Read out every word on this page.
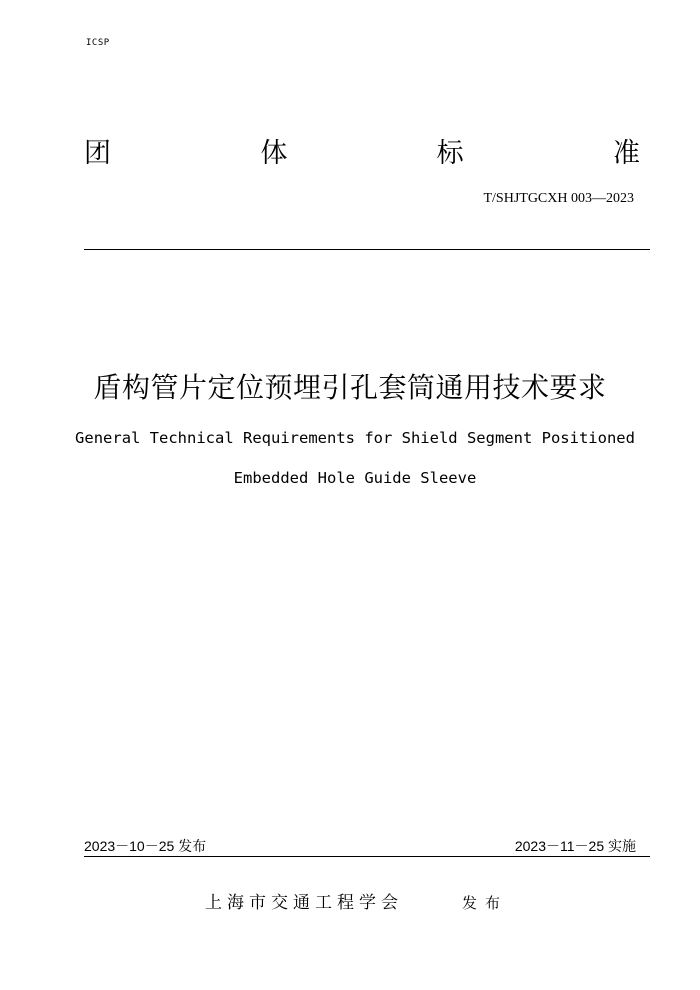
ICSP
团	体	标	准
T/SHJTGCXH 003—2023
盾构管片定位预埋引孔套筒通用技术要求
General Technical Requirements for Shield Segment Positioned
Embedded Hole Guide Sleeve
2023－10－25 发布	2023－11－25 实施
上海市交通工程学会	发布
